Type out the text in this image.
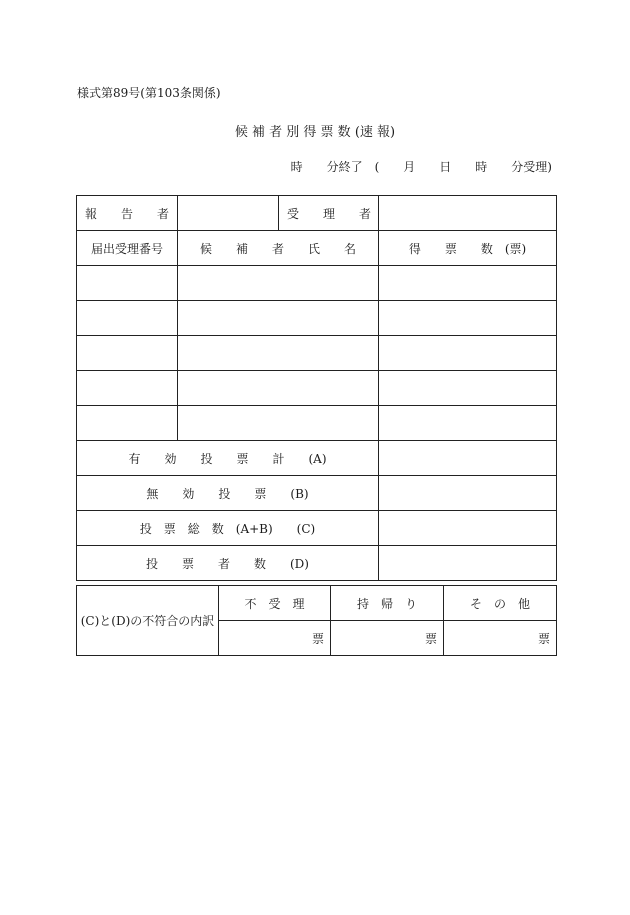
様式第89号(第103条関係)
候 補 者 別 得 票 数 (速 報)
時　　分終了　(　　月　　日　　時　　分受理)
報　　告　　者		受　　理　　者	
届出受理番号	候　　補　　者　　氏　　名		得　　票　　数　(票)

有　　効　　投　　票　　計　　(A)			
無　　効　　投　　票　　(B)			
投　票　総　数　(A+B)　　(C)			
投　　票　　者　　数　　(D)			
(C)と(D)の不符合の内訳	不　受　理	持　帰　り	そ　の　他
	票	票	票
